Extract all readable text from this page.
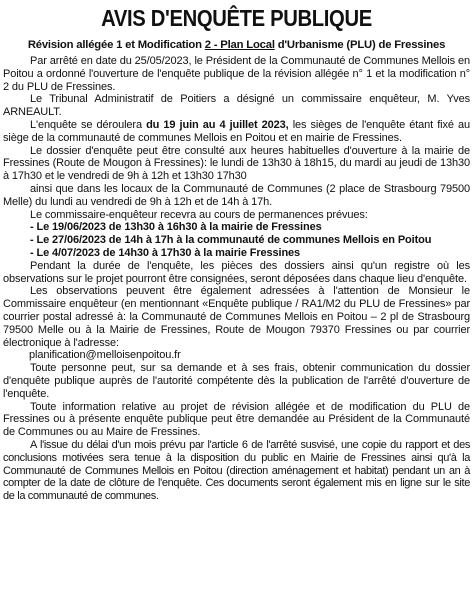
AVIS D'ENQUÊTE PUBLIQUE
Révision allégée 1 et Modification 2 - Plan Local d'Urbanisme (PLU) de Fressines

Par arrêté en date du 25/05/2023, le Président de la Communauté de Communes Mellois en Poitou a ordonné l'ouverture de l'enquête publique de la révision allégée n° 1 et la modification n° 2 du PLU de Fressines.

Le Tribunal Administratif de Poitiers a désigné un commissaire enquêteur, M. Yves ARNEAULT.

L'enquête se déroulera du 19 juin au 4 juillet 2023, les sièges de l'enquête étant fixé au siège de la communauté de communes Mellois en Poitou et en mairie de Fressines.

Le dossier d'enquête peut être consulté aux heures habituelles d'ouverture à la mairie de Fressines (Route de Mougon à Fressines): le lundi de 13h30 à 18h15, du mardi au jeudi de 13h30 à 17h30 et le vendredi de 9h à 12h et 13h30 17h30

ainsi que dans les locaux de la Communauté de Communes (2 place de Strasbourg 79500 Melle) du lundi au vendredi de 9h à 12h et de 14h à 17h.

Le commissaire-enquêteur recevra au cours de permanences prévues:

- Le 19/06/2023 de 13h30 à 16h30 à la mairie de Fressines
- Le 27/06/2023 de 14h à 17h à la communauté de communes Mellois en Poitou
- Le 4/07/2023 de 14h30 à 17h30 à la mairie Fressines

Pendant la durée de l'enquête, les pièces des dossiers ainsi qu'un registre où les observations sur le projet pourront être consignées, seront déposées dans chaque lieu d'enquête.

Les observations peuvent être également adressées à l'attention de Monsieur le Commissaire enquêteur (en mentionnant «Enquête publique / RA1/M2 du PLU de Fressines» par courrier postal adressé à: la Communauté de Communes Mellois en Poitou – 2 pl de Strasbourg 79500 Melle ou à la Mairie de Fressines, Route de Mougon 79370 Fressines ou par courrier électronique à l'adresse:

planification@melloisenpoitou.fr

Toute personne peut, sur sa demande et à ses frais, obtenir communication du dossier d'enquête publique auprès de l'autorité compétente dès la publication de l'arrêté d'ouverture de l'enquête.

Toute information relative au projet de révision allégée et de modification du PLU de Fressines ou à présente enquête publique peut être demandée au Président de la Communauté de Communes ou au Maire de Fressines.

A l'issue du délai d'un mois prévu par l'article 6 de l'arrêté susvisé, une copie du rapport et des conclusions motivées sera tenue à la disposition du public en Mairie de Fressines ainsi qu'à la Communauté de Communes Mellois en Poitou (direction aménagement et habitat) pendant un an à compter de la date de clôture de l'enquête. Ces documents seront également mis en ligne sur le site de la communauté de communes.
